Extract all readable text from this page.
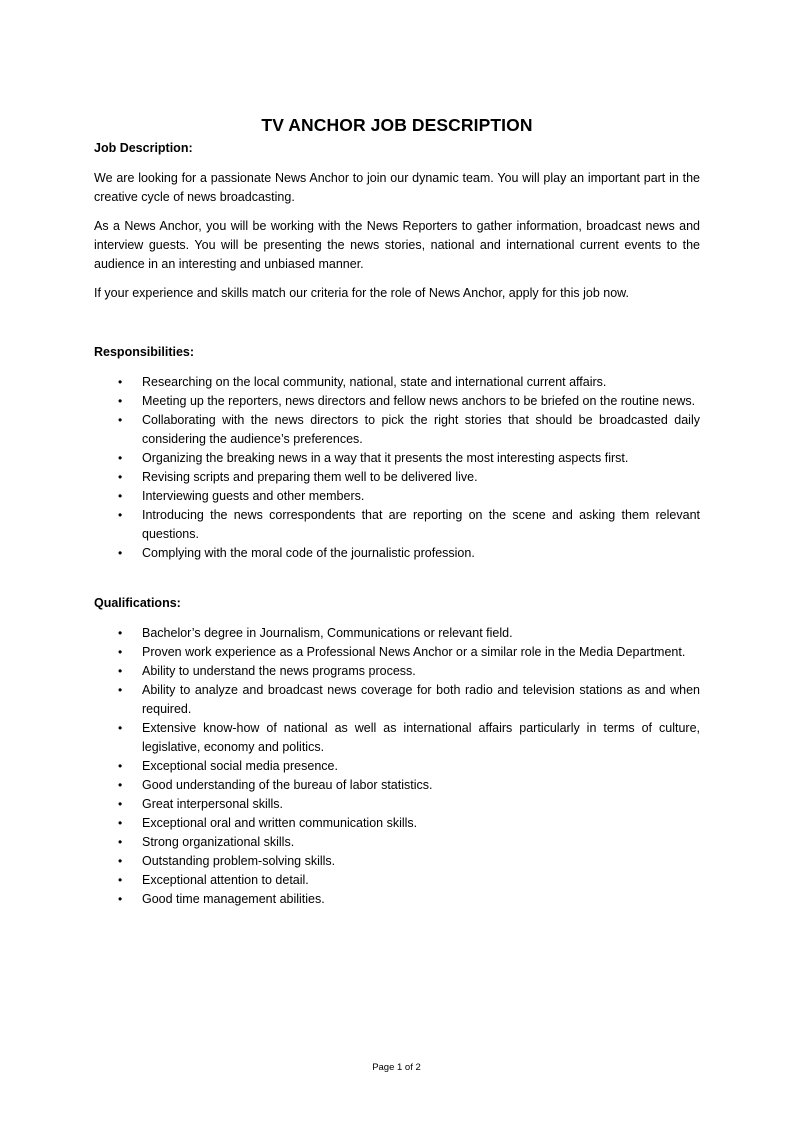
TV ANCHOR JOB DESCRIPTION

Job Description:

We are looking for a passionate News Anchor to join our dynamic team. You will play an important part in the creative cycle of news broadcasting.

As a News Anchor, you will be working with the News Reporters to gather information, broadcast news and interview guests. You will be presenting the news stories, national and international current events to the audience in an interesting and unbiased manner.

If your experience and skills match our criteria for the role of News Anchor, apply for this job now.

Responsibilities:

• Researching on the local community, national, state and international current affairs.
• Meeting up the reporters, news directors and fellow news anchors to be briefed on the routine news.
• Collaborating with the news directors to pick the right stories that should be broadcasted daily considering the audience’s preferences.
• Organizing the breaking news in a way that it presents the most interesting aspects first.
• Revising scripts and preparing them well to be delivered live.
• Interviewing guests and other members.
• Introducing the news correspondents that are reporting on the scene and asking them relevant questions.
• Complying with the moral code of the journalistic profession.

Qualifications:

• Bachelor’s degree in Journalism, Communications or relevant field.
• Proven work experience as a Professional News Anchor or a similar role in the Media Department.
• Ability to understand the news programs process.
• Ability to analyze and broadcast news coverage for both radio and television stations as and when required.
• Extensive know-how of national as well as international affairs particularly in terms of culture, legislative, economy and politics.
• Exceptional social media presence.
• Good understanding of the bureau of labor statistics.
• Great interpersonal skills.
• Exceptional oral and written communication skills.
• Strong organizational skills.
• Outstanding problem-solving skills.
• Exceptional attention to detail.
• Good time management abilities.
Page 1 of 2
